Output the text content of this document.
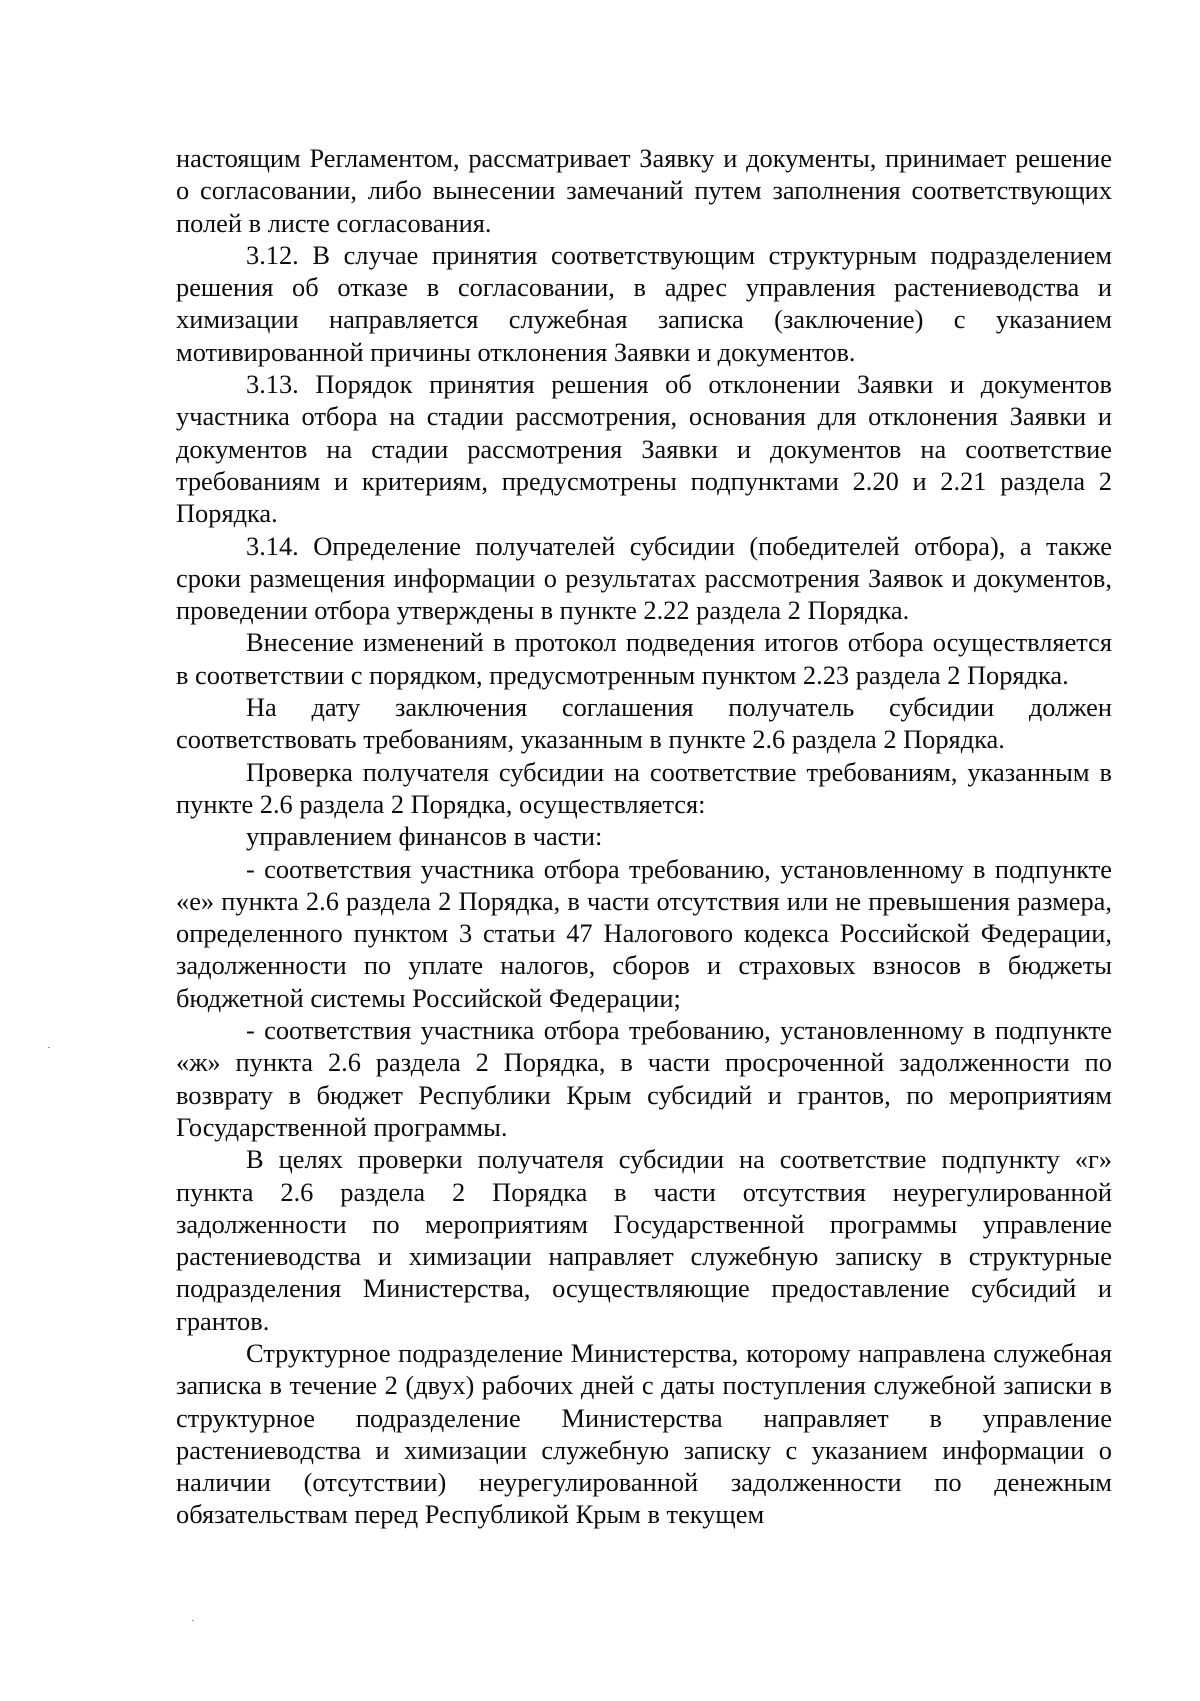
настоящим Регламентом, рассматривает Заявку и документы, принимает решение о согласовании, либо вынесении замечаний путем заполнения соответствующих полей в листе согласования.

3.12. В случае принятия соответствующим структурным подразделением решения об отказе в согласовании, в адрес управления растениеводства и химизации направляется служебная записка (заключение) с указанием мотивированной причины отклонения Заявки и документов.

3.13. Порядок принятия решения об отклонении Заявки и документов участника отбора на стадии рассмотрения, основания для отклонения Заявки и документов на стадии рассмотрения Заявки и документов на соответствие требованиям и критериям, предусмотрены подпунктами 2.20 и 2.21 раздела 2 Порядка.

3.14. Определение получателей субсидии (победителей отбора), а также сроки размещения информации о результатах рассмотрения Заявок и документов, проведении отбора утверждены в пункте 2.22 раздела 2 Порядка.

Внесение изменений в протокол подведения итогов отбора осуществляется в соответствии с порядком, предусмотренным пунктом 2.23 раздела 2 Порядка.

На дату заключения соглашения получатель субсидии должен соответствовать требованиям, указанным в пункте 2.6 раздела 2 Порядка.

Проверка получателя субсидии на соответствие требованиям, указанным в пункте 2.6 раздела 2 Порядка, осуществляется:

управлением финансов в части:

- соответствия участника отбора требованию, установленному в подпункте «е» пункта 2.6 раздела 2 Порядка, в части отсутствия или не превышения размера, определенного пунктом 3 статьи 47 Налогового кодекса Российской Федерации, задолженности по уплате налогов, сборов и страховых взносов в бюджеты бюджетной системы Российской Федерации;

- соответствия участника отбора требованию, установленному в подпункте «ж» пункта 2.6 раздела 2 Порядка, в части просроченной задолженности по возврату в бюджет Республики Крым субсидий и грантов, по мероприятиям Государственной программы.

В целях проверки получателя субсидии на соответствие подпункту «г» пункта 2.6 раздела 2 Порядка в части отсутствия неурегулированной задолженности по мероприятиям Государственной программы управление растениеводства и химизации направляет служебную записку в структурные подразделения Министерства, осуществляющие предоставление субсидий и грантов.

Структурное подразделение Министерства, которому направлена служебная записка в течение 2 (двух) рабочих дней с даты поступления служебной записки в структурное подразделение Министерства направляет в управление растениеводства и химизации служебную записку с указанием информации о наличии (отсутствии) неурегулированной задолженности по денежным обязательствам перед Республикой Крым в текущем
